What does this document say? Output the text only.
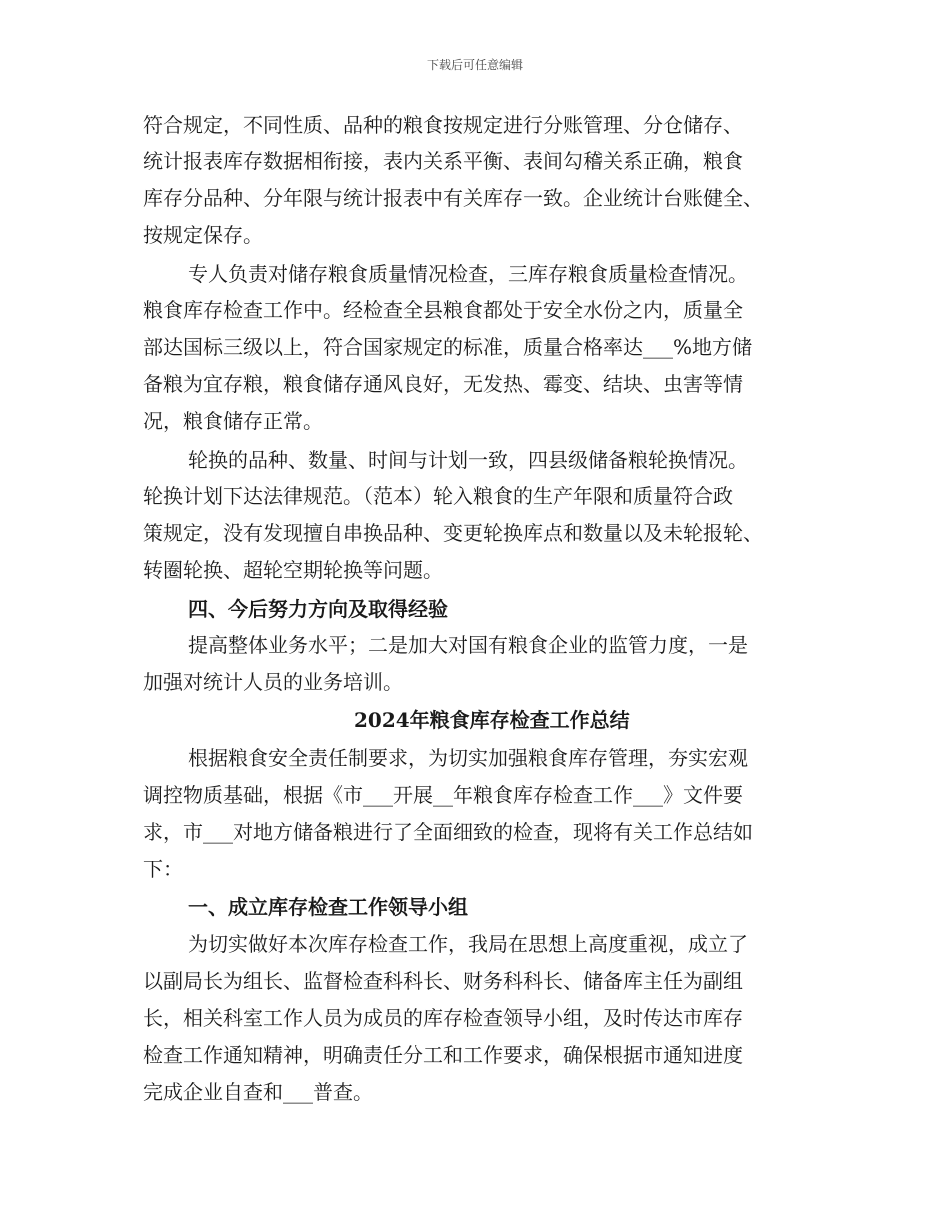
下载后可任意编辑
符合规定，不同性质、品种的粮食按规定进行分账管理、分仓储存、
统计报表库存数据相衔接，表内关系平衡、表间勾稽关系正确，粮食
库存分品种、分年限与统计报表中有关库存一致。企业统计台账健全、
按规定保存。
专人负责对储存粮食质量情况检查，三库存粮食质量检查情况。
粮食库存检查工作中。经检查全县粮食都处于安全水份之内，质量全
部达国标三级以上，符合国家规定的标准，质量合格率达___%地方储
备粮为宜存粮，粮食储存通风良好，无发热、霉变、结块、虫害等情
况，粮食储存正常。
轮换的品种、数量、时间与计划一致，四县级储备粮轮换情况。
轮换计划下达法律规范。（范本）轮入粮食的生产年限和质量符合政
策规定，没有发现擅自串换品种、变更轮换库点和数量以及未轮报轮、
转圈轮换、超轮空期轮换等问题。
四、今后努力方向及取得经验
提高整体业务水平；二是加大对国有粮食企业的监管力度，一是
加强对统计人员的业务培训。
2024年粮食库存检查工作总结
根据粮食安全责任制要求，为切实加强粮食库存管理，夯实宏观
调控物质基础，根据《市___开展__年粮食库存检查工作___》文件要
求，市___对地方储备粮进行了全面细致的检查，现将有关工作总结如
下：
一、成立库存检查工作领导小组
为切实做好本次库存检查工作，我局在思想上高度重视，成立了
以副局长为组长、监督检查科科长、财务科科长、储备库主任为副组
长，相关科室工作人员为成员的库存检查领导小组，及时传达市库存
检查工作通知精神，明确责任分工和工作要求，确保根据市通知进度
完成企业自查和___普查。
